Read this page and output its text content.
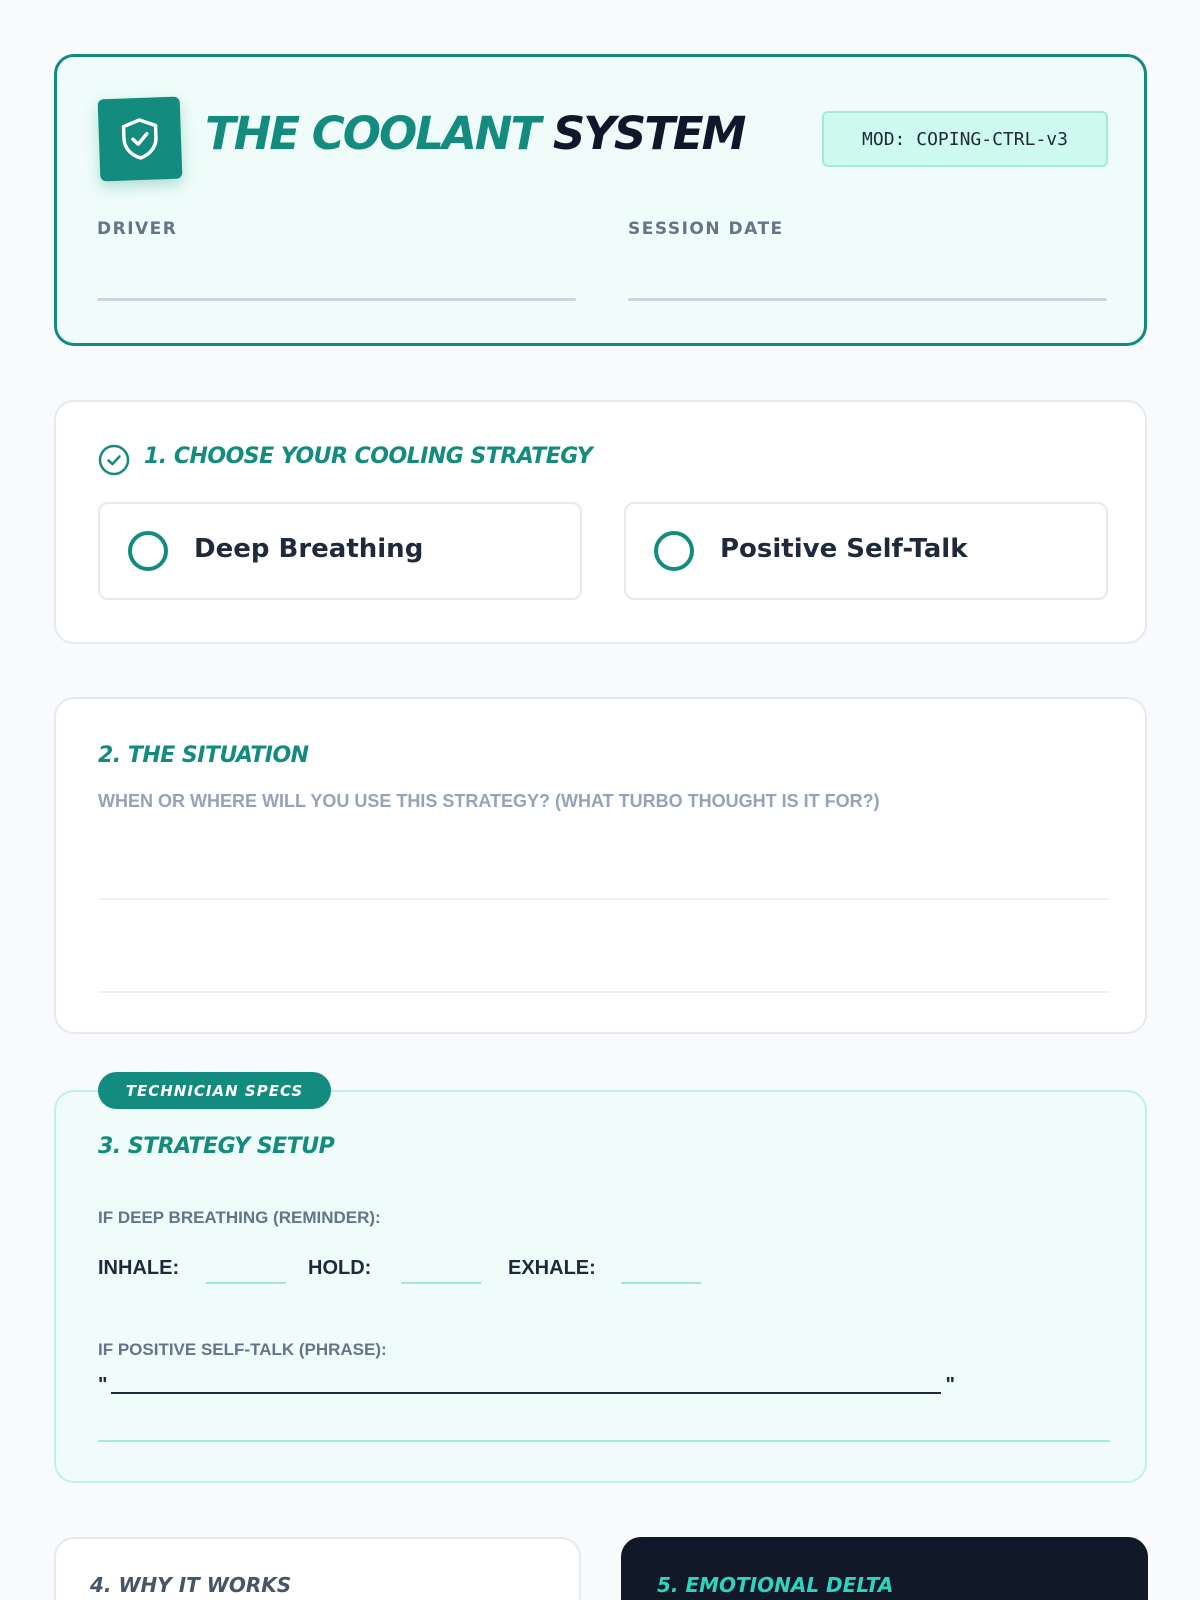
THE COOLANT SYSTEM	MOD: COPING-CTRL-v3
DRIVER	SESSION DATE
1. CHOOSE YOUR COOLING STRATEGY
Deep Breathing	Positive Self-Talk
2. THE SITUATION
WHEN OR WHERE WILL YOU USE THIS STRATEGY? (WHAT TURBO THOUGHT IS IT FOR?)
3. STRATEGY SETUP
IF DEEP BREATHING (REMINDER):
INHALE:	HOLD:	EXHALE:
IF POSITIVE SELF-TALK (PHRASE):
"	"
TECHNICIAN SPECS
4. WHY IT WORKS	5. EMOTIONAL DELTA
